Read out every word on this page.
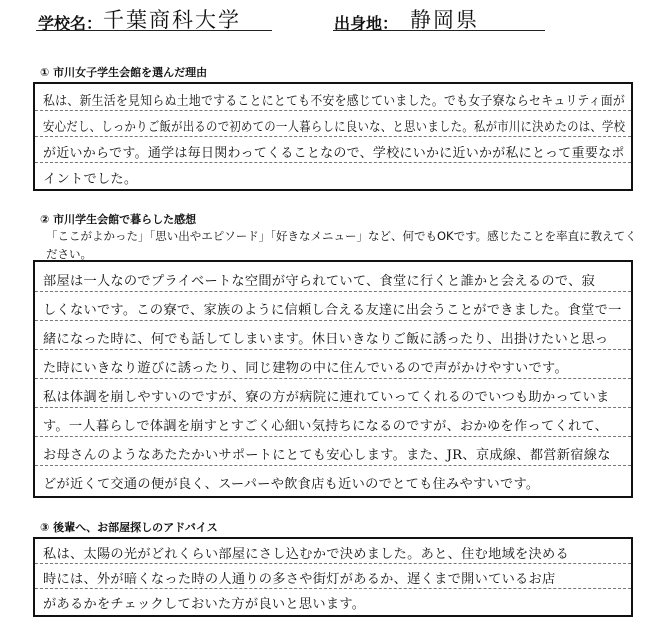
学校名： 千葉商科大学	出身地： 静岡県
① 市川女子学生会館を選んだ理由
私は、新生活を見知らぬ土地ですることにとても不安を感じていました。でも女子寮ならセキュリティ面が
安心だし、しっかりご飯が出るので初めての一人暮らしに良いな、と思いました。私が市川に決めたのは、学校
が近いからです。通学は毎日関わってくることなので、学校にいかに近いかが私にとって重要なポ
イントでした。
② 市川学生会館で暮らした感想
「ここがよかった」「思い出やエピソード」「好きなメニュー」など、何でもOKです。感じたことを率直に教えてください。
部屋は一人なのでプライベートな空間が守られていて、食堂に行くと誰かと会えるので、寂
しくないです。この寮で、家族のように信頼し合える友達に出会うことができました。食堂で一
緒になった時に、何でも話してしまいます。休日いきなりご飯に誘ったり、出掛けたいと思っ
た時にいきなり遊びに誘ったり、同じ建物の中に住んでいるので声がかけやすいです。
私は体調を崩しやすいのですが、寮の方が病院に連れていってくれるのでいつも助かっていま
す。一人暮らしで体調を崩すとすごく心細い気持ちになるのですが、おかゆを作ってくれて、
お母さんのようなあたたかいサポートにとても安心します。また、JR、京成線、都営新宿線な
どが近くて交通の便が良く、スーパーや飲食店も近いのでとても住みやすいです。
③ 後輩へ、お部屋探しのアドバイス
私は、太陽の光がどれくらい部屋にさし込むかで決めました。あと、住む地域を決める
時には、外が暗くなった時の人通りの多さや街灯があるか、遅くまで開いているお店
があるかをチェックしておいた方が良いと思います。
